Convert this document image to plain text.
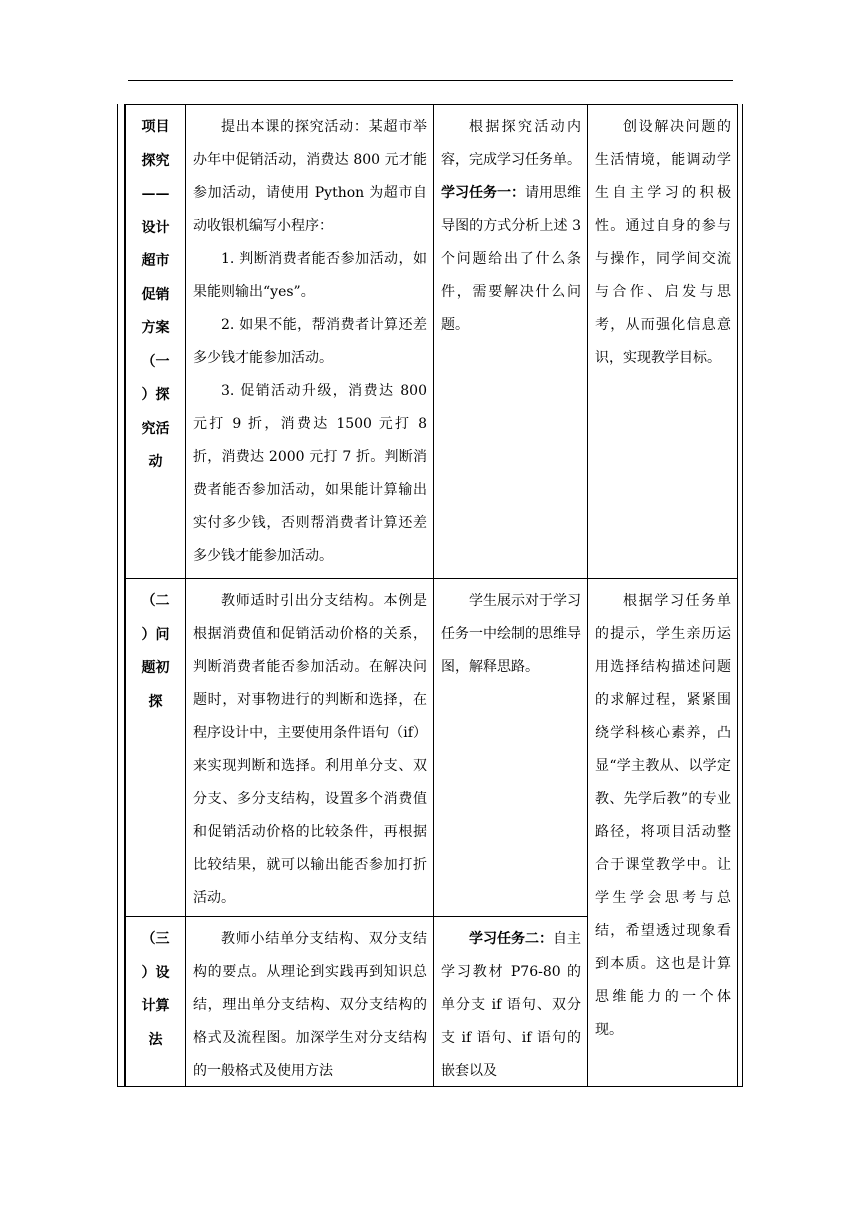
项目

探究

——

设计

超市

促销

方案

（一

）探

究活

动

提出本课的探究活动：某超市举办年中促销活动，消费达 800 元才能参加活动，请使用 Python 为超市自动收银机编写小程序：

1. 判断消费者能否参加活动，如果能则输出“yes”。

2. 如果不能，帮消费者计算还差多少钱才能参加活动。

3. 促销活动升级，消费达 800 元打 9 折，消费达 1500 元打 8 折，消费达 2000 元打 7 折。判断消费者能否参加活动，如果能计算输出实付多少钱，否则帮消费者计算还差多少钱才能参加活动。

根据探究活动内容，完成学习任务单。

学习任务一：请用思维导图的方式分析上述 3 个问题给出了什么条件，需要解决什么问题。

创设解决问题的生活情境，能调动学生自主学习的积极性。通过自身的参与与操作，同学间交流与合作、启发与思考，从而强化信息意识，实现教学目标。

（二

）问

题初

探

教师适时引出分支结构。本例是根据消费值和促销活动价格的关系，判断消费者能否参加活动。在解决问题时，对事物进行的判断和选择，在程序设计中，主要使用条件语句（if）来实现判断和选择。利用单分支、双分支、多分支结构，设置多个消费值和促销活动价格的比较条件，再根据比较结果，就可以输出能否参加打折活动。

学生展示对于学习任务一中绘制的思维导图，解释思路。

根据学习任务单的提示，学生亲历运用选择结构描述问题的求解过程，紧紧围绕学科核心素养，凸显“学主教从、以学定教、先学后教”的专业路径，将项目活动整合于课堂教学中。让学生学会思考与总结，希望透过现象看到本质。这也是计算思维能力的一个体现。

（三

）设

计算

法

教师小结单分支结构、双分支结构的要点。从理论到实践再到知识总结，理出单分支结构、双分支结构的格式及流程图。加深学生对分支结构的一般格式及使用方法

学习任务二：自主学习教材 P76-80 的单分支 if 语句、双分支 if 语句、if 语句的嵌套以及
